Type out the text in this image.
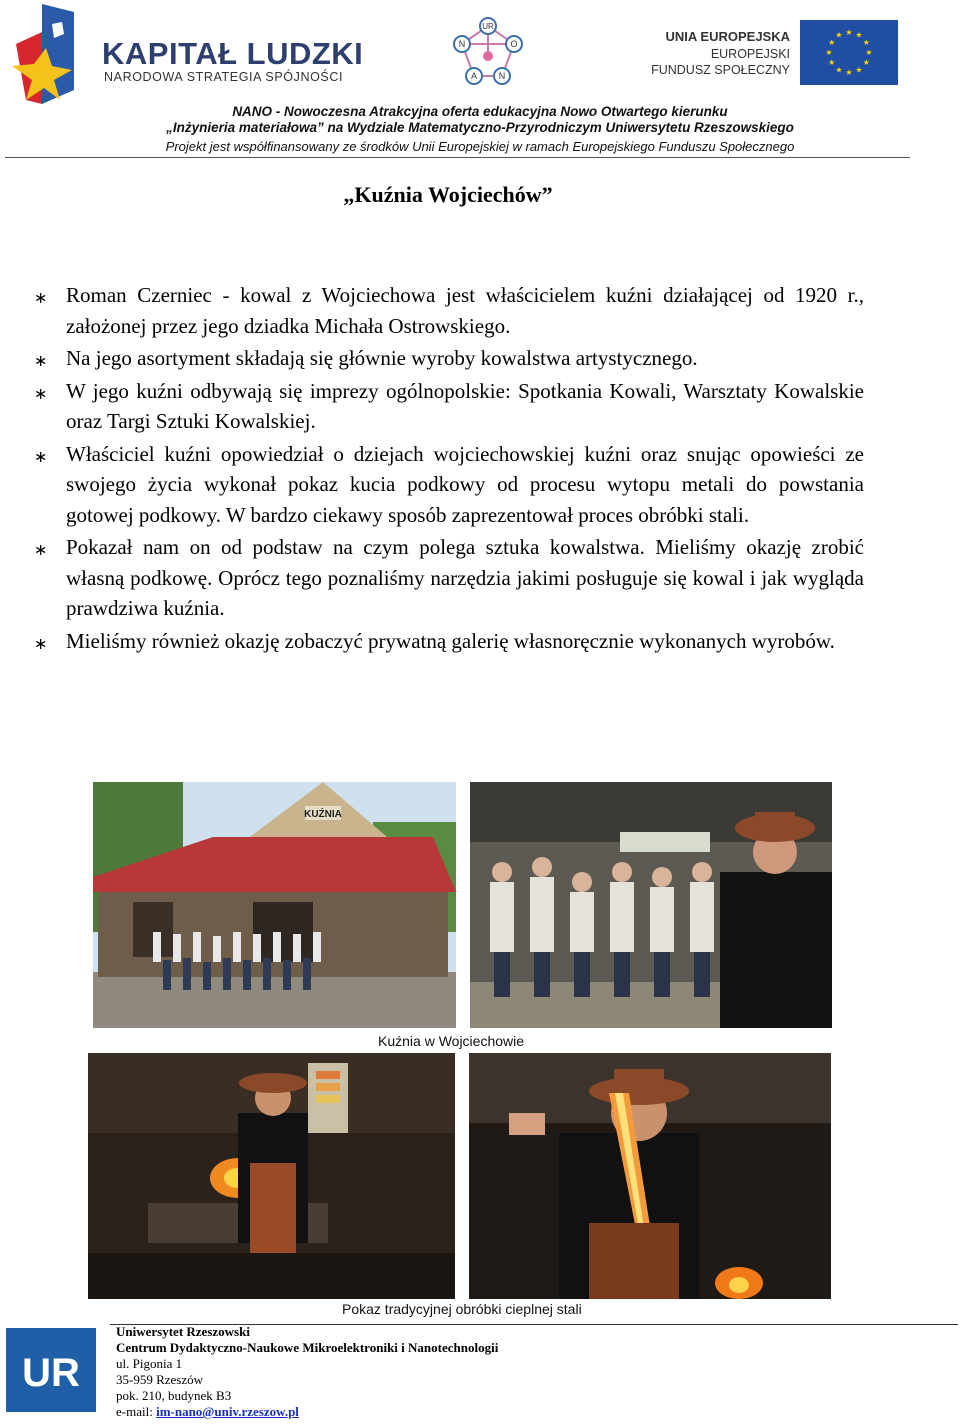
KAPITAŁ LUDZKI
NARODOWA STRATEGIA SPÓJNOŚCI
UR
N	O
A N
UNIA EUROPEJSKA
EUROPEJSKI
FUNDUSZ SPOŁECZNY
★ ★
★
★
★
★
★
★
★
★
★
★
NANO - Nowoczesna Atrakcyjna oferta edukacyjna Nowo Otwartego kierunku
„Inżynieria materiałowa” na Wydziale Matematyczno-Przyrodniczym Uniwersytetu Rzeszowskiego
Projekt jest współfinansowany ze środków Unii Europejskiej w ramach Europejskiego Funduszu Społecznego
„Kuźnia Wojciechów”
∗ Roman Czerniec - kowal z Wojciechowa jest właścicielem kuźni działającej od 1920 r., założonej przez jego dziadka Michała Ostrowskiego.
∗ Na jego asortyment składają się głównie wyroby kowalstwa artystycznego.
∗ W jego kuźni odbywają się imprezy ogólnopolskie: Spotkania Kowali, Warsztaty Kowalskie oraz Targi Sztuki Kowalskiej.
∗ Właściciel kuźni opowiedział o dziejach wojciechowskiej kuźni oraz snując opowieści ze swojego życia wykonał pokaz kucia podkowy od procesu wytopu metali do powstania gotowej podkowy. W bardzo ciekawy sposób zaprezentował proces obróbki stali.
∗ Pokazał nam on od podstaw na czym polega sztuka kowalstwa. Mieliśmy okazję zrobić własną podkowę. Oprócz tego poznaliśmy narzędzia jakimi posługuje się kowal i jak wygląda prawdziwa kuźnia.
∗ Mieliśmy również okazję zobaczyć prywatną galerię własnoręcznie wykonanych wyrobów.
KUŹNIA
Kuźnia w Wojciechowie
Pokaz tradycyjnej obróbki cieplnej stali
UR
Uniwersytet Rzeszowski
Centrum Dydaktyczno-Naukowe Mikroelektroniki i Nanotechnologii
ul. Pigonia 1
35-959 Rzeszów
pok. 210, budynek B3
e-mail: im-nano@univ.rzeszow.pl
